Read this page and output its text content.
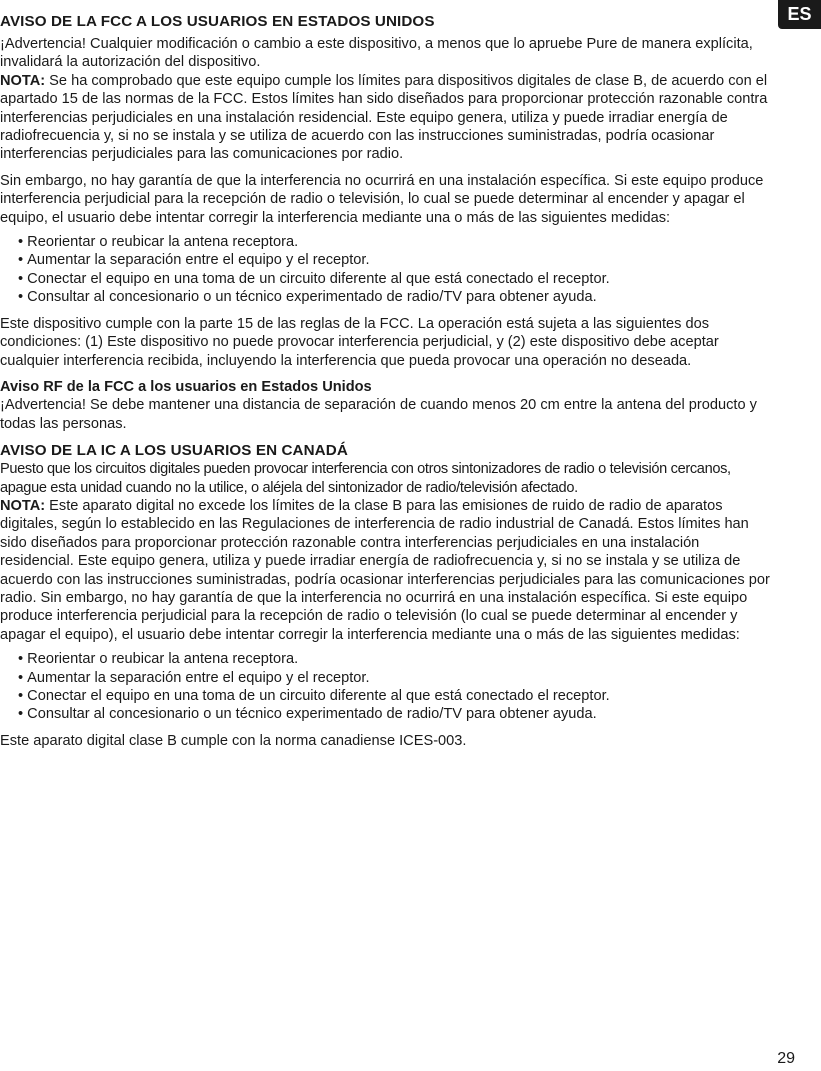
ES
AVISO DE LA FCC A LOS USUARIOS EN ESTADOS UNIDOS

¡Advertencia! Cualquier modificación o cambio a este dispositivo, a menos que lo apruebe Pure de manera explícita, invalidará la autorización del dispositivo.

NOTA: Se ha comprobado que este equipo cumple los límites para dispositivos digitales de clase B, de acuerdo con el apartado 15 de las normas de la FCC. Estos límites han sido diseñados para proporcionar protección razonable contra interferencias perjudiciales en una instalación residencial. Este equipo genera, utiliza y puede irradiar energía de radiofrecuencia y, si no se instala y se utiliza de acuerdo con las instrucciones suministradas, podría ocasionar interferencias perjudiciales para las comunicaciones por radio.

Sin embargo, no hay garantía de que la interferencia no ocurrirá en una instalación específica. Si este equipo produce interferencia perjudicial para la recepción de radio o televisión, lo cual se puede determinar al encender y apagar el equipo, el usuario debe intentar corregir la interferencia mediante una o más de las siguientes medidas:

• Reorientar o reubicar la antena receptora.
• Aumentar la separación entre el equipo y el receptor.
• Conectar el equipo en una toma de un circuito diferente al que está conectado el receptor.
• Consultar al concesionario o un técnico experimentado de radio/TV para obtener ayuda.

Este dispositivo cumple con la parte 15 de las reglas de la FCC. La operación está sujeta a las siguientes dos condiciones: (1) Este dispositivo no puede provocar interferencia perjudicial, y (2) este dispositivo debe aceptar cualquier interferencia recibida, incluyendo la interferencia que pueda provocar una operación no deseada.

Aviso RF de la FCC a los usuarios en Estados Unidos

¡Advertencia! Se debe mantener una distancia de separación de cuando menos 20 cm entre la antena del producto y todas las personas.

AVISO DE LA IC A LOS USUARIOS EN CANADÁ

Puesto que los circuitos digitales pueden provocar interferencia con otros sintonizadores de radio o televisión cercanos, apague esta unidad cuando no la utilice, o aléjela del sintonizador de radio/televisión afectado.

NOTA: Este aparato digital no excede los límites de la clase B para las emisiones de ruido de radio de aparatos digitales, según lo establecido en las Regulaciones de interferencia de radio industrial de Canadá. Estos límites han sido diseñados para proporcionar protección razonable contra interferencias perjudiciales en una instalación residencial. Este equipo genera, utiliza y puede irradiar energía de radiofrecuencia y, si no se instala y se utiliza de acuerdo con las instrucciones suministradas, podría ocasionar interferencias perjudiciales para las comunicaciones por radio. Sin embargo, no hay garantía de que la interferencia no ocurrirá en una instalación específica. Si este equipo produce interferencia perjudicial para la recepción de radio o televisión (lo cual se puede determinar al encender y apagar el equipo), el usuario debe intentar corregir la interferencia mediante una o más de las siguientes medidas:

• Reorientar o reubicar la antena receptora.
• Aumentar la separación entre el equipo y el receptor.
• Conectar el equipo en una toma de un circuito diferente al que está conectado el receptor.
• Consultar al concesionario o un técnico experimentado de radio/TV para obtener ayuda.

Este aparato digital clase B cumple con la norma canadiense ICES-003.

29
